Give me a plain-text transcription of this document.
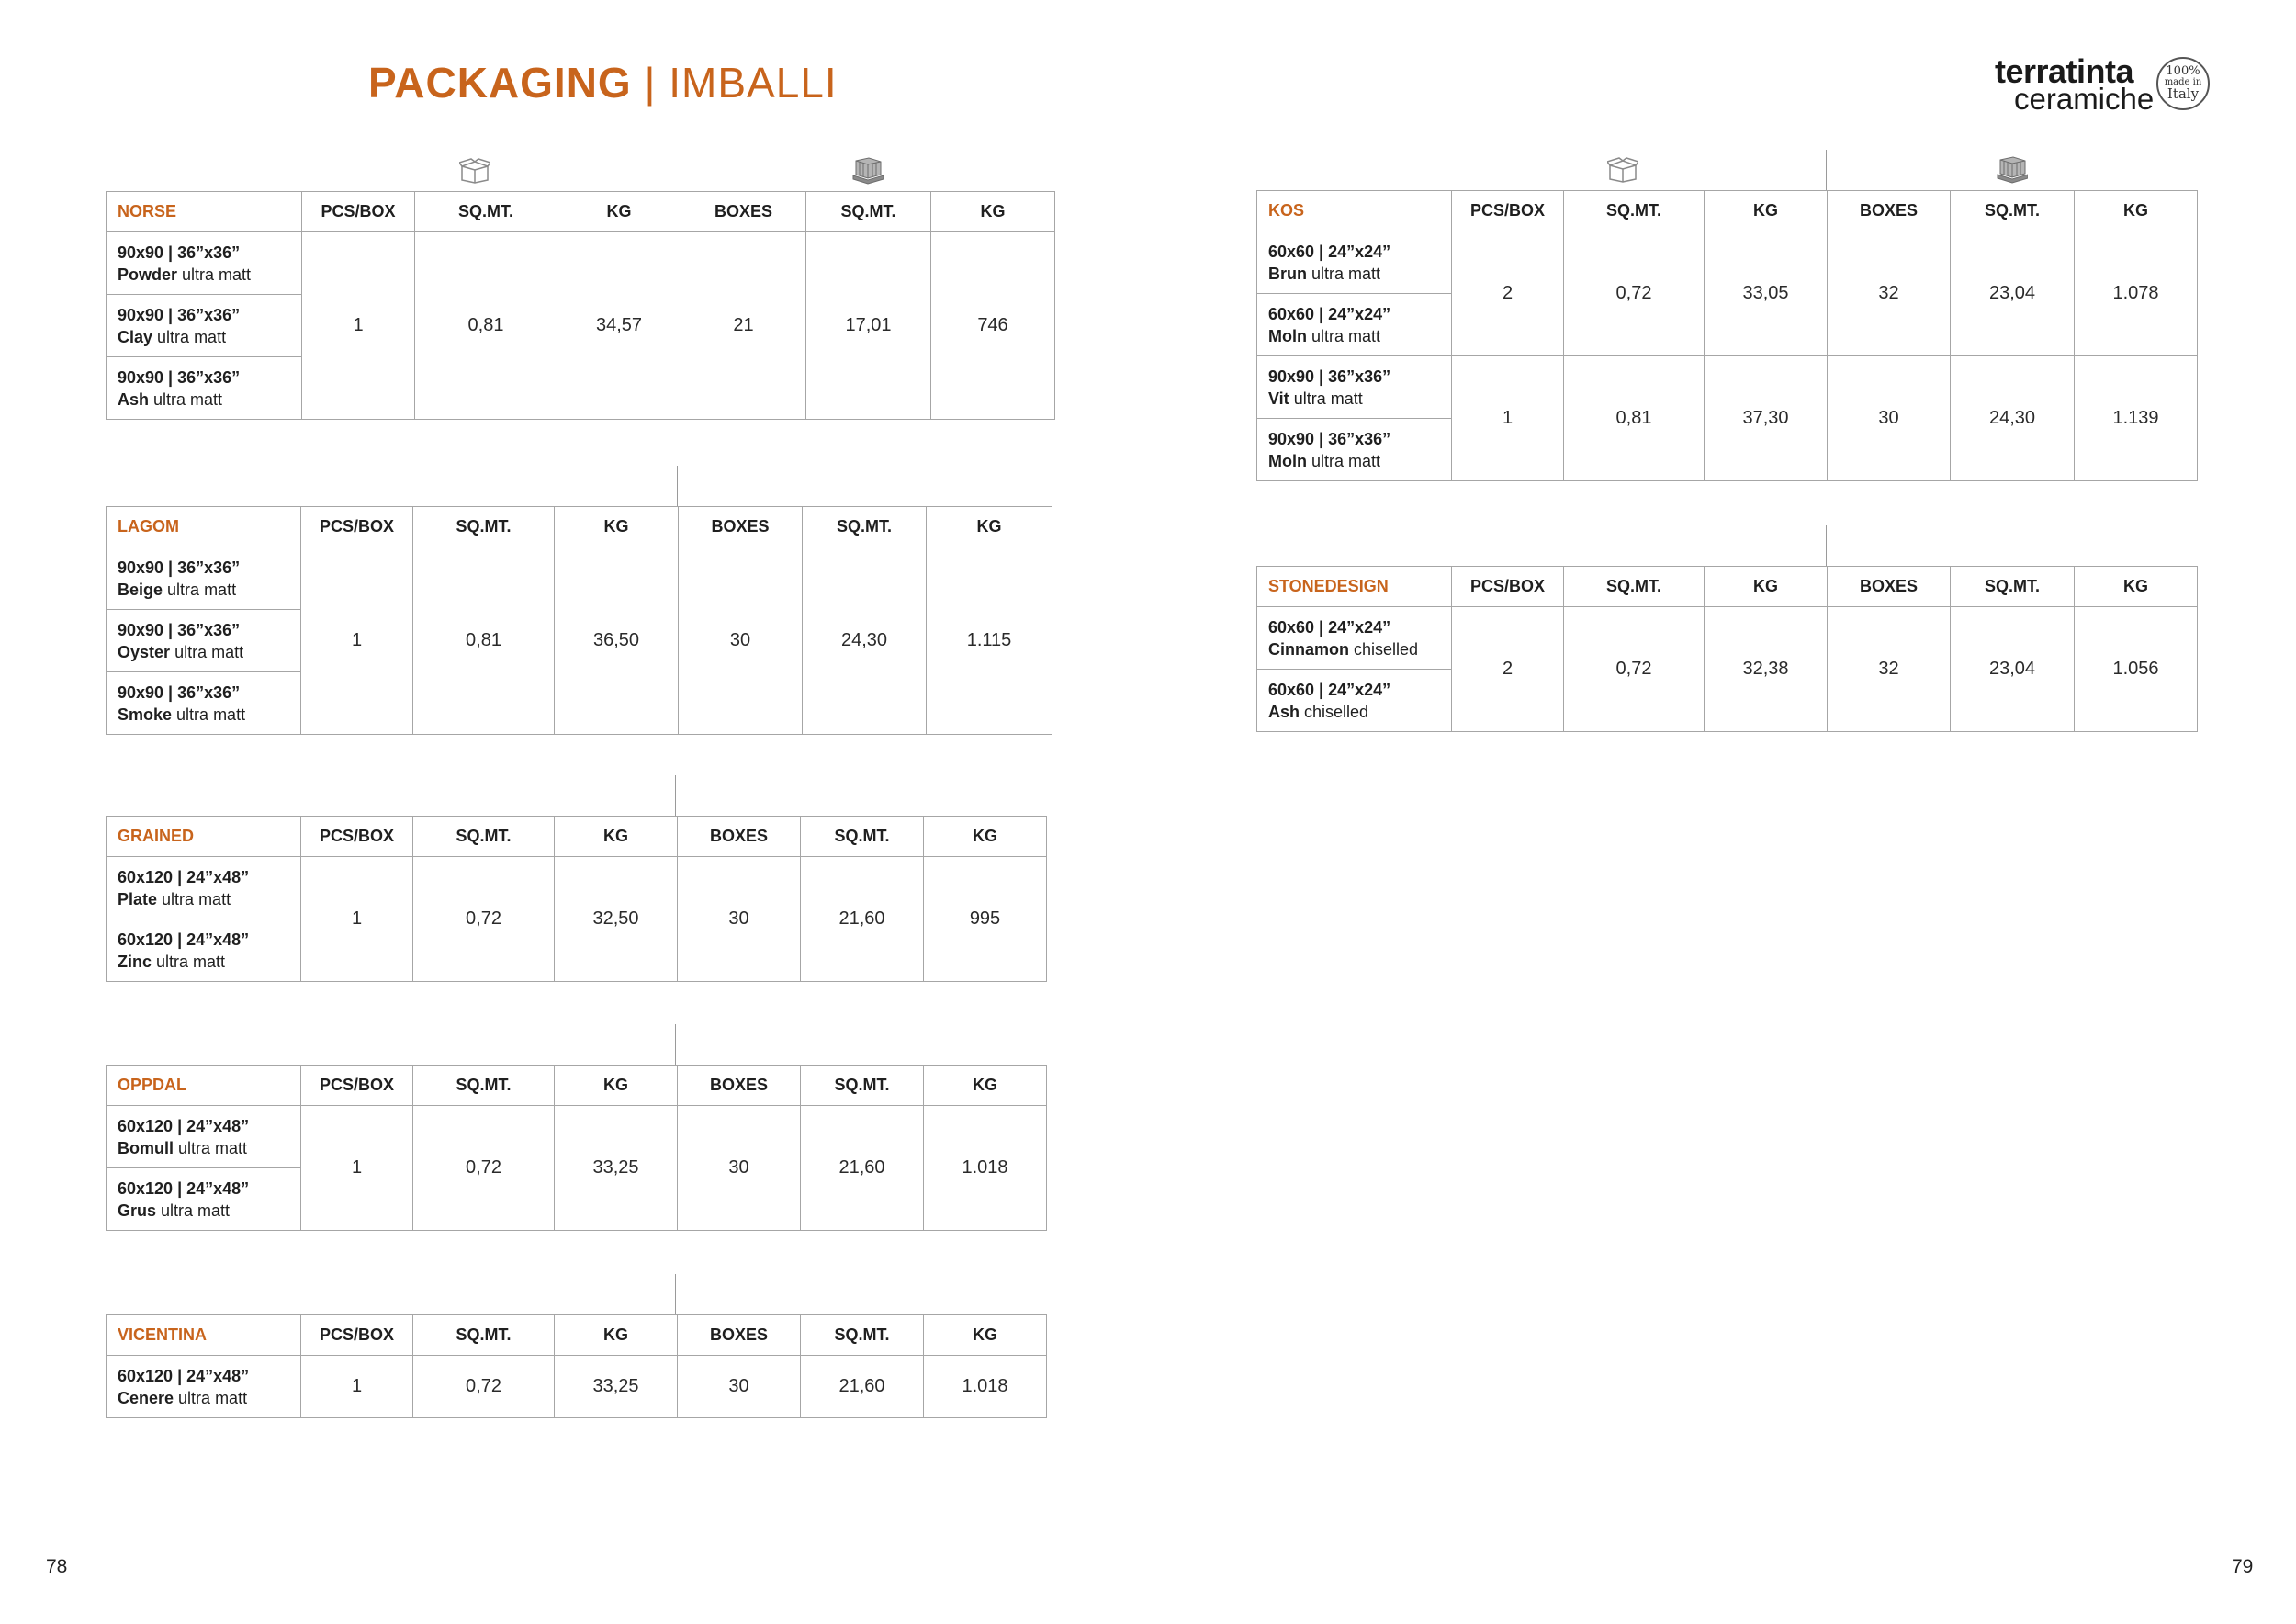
PACKAGING | IMBALLI	terratinta
ceramiche
100%
made in
Italy
NORSE	PCS/BOX	SQ.MT.	KG	BOXES	SQ.MT.	KG
90x90 | 36”x36”
Powder ultra matt	1	0,81	34,57	21	17,01	746
90x90 | 36”x36”
Clay ultra matt						
90x90 | 36”x36”
Ash ultra matt						
LAGOM	PCS/BOX	SQ.MT.	KG	BOXES	SQ.MT.	KG
90x90 | 36”x36”
Beige ultra matt	1	0,81	36,50	30	24,30	1.115
90x90 | 36”x36”
Oyster ultra matt						
90x90 | 36”x36”
Smoke ultra matt						
GRAINED	PCS/BOX	SQ.MT.	KG	BOXES	SQ.MT.	KG
60x120 | 24”x48”
Plate ultra matt	1	0,72	32,50	30	21,60	995
60x120 | 24”x48”
Zinc ultra matt						
OPPDAL	PCS/BOX	SQ.MT.	KG	BOXES	SQ.MT.	KG
60x120 | 24”x48”
Bomull ultra matt	1	0,72	33,25	30	21,60	1.018
60x120 | 24”x48”
Grus ultra matt						
VICENTINA	PCS/BOX	SQ.MT.	KG	BOXES	SQ.MT.	KG
60x120 | 24”x48”
Cenere ultra matt	1	0,72	33,25	30	21,60	1.018
KOS	PCS/BOX	SQ.MT.	KG	BOXES	SQ.MT.	KG
60x60 | 24”x24”
Brun ultra matt	2	0,72	33,05	32	23,04	1.078
60x60 | 24”x24”
Moln ultra matt						
90x90 | 36”x36”
Vit ultra matt	1	0,81	37,30	30	24,30	1.139
90x90 | 36”x36”
Moln ultra matt						
STONEDESIGN	PCS/BOX	SQ.MT.	KG	BOXES	SQ.MT.	KG
60x60 | 24”x24”
Cinnamon chiselled	2	0,72	32,38	32	23,04	1.056
60x60 | 24”x24”
Ash chiselled						
78	79
